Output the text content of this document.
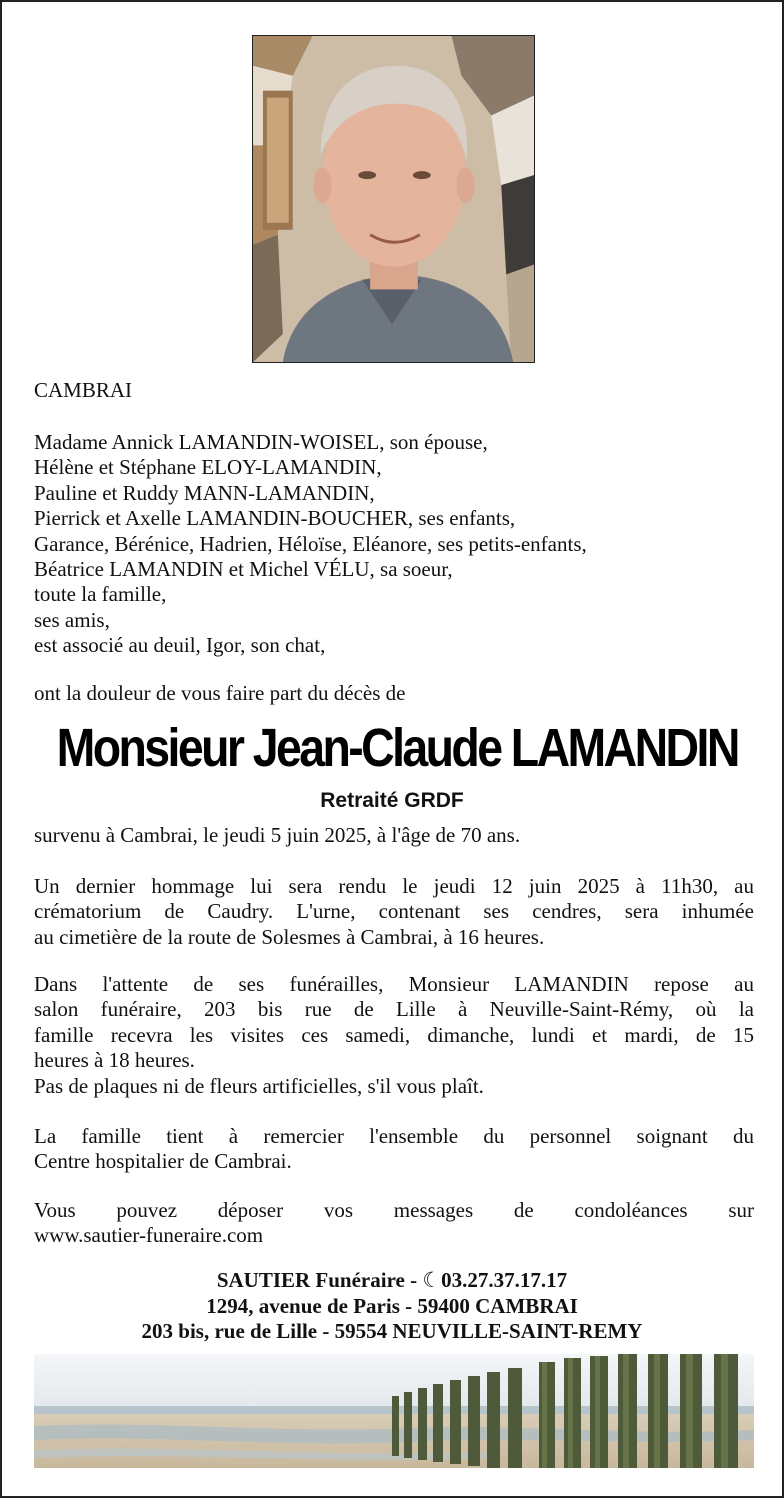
CAMBRAI
Madame Annick LAMANDIN-WOISEL, son épouse,
Hélène et Stéphane ELOY-LAMANDIN,
Pauline et Ruddy MANN-LAMANDIN,
Pierrick et Axelle LAMANDIN-BOUCHER, ses enfants,
Garance, Bérénice, Hadrien, Héloïse, Eléanore, ses petits-enfants,
Béatrice LAMANDIN et Michel VÉLU, sa soeur,
toute la famille,
ses amis,
est associé au deuil, Igor, son chat,
ont la douleur de vous faire part du décès de
Monsieur Jean-Claude LAMANDIN
Retraité GRDF
survenu à Cambrai, le jeudi 5 juin 2025, à l'âge de 70 ans.
Un dernier hommage lui sera rendu le jeudi 12 juin 2025 à 11h30, au
crématorium de Caudry. L'urne, contenant ses cendres, sera inhumée
au cimetière de la route de Solesmes à Cambrai, à 16 heures.
Dans l'attente de ses funérailles, Monsieur LAMANDIN repose au
salon funéraire, 203 bis rue de Lille à Neuville-Saint-Rémy, où la
famille recevra les visites ces samedi, dimanche, lundi et mardi, de 15
heures à 18 heures.
Pas de plaques ni de fleurs artificielles, s'il vous plaît.
La famille tient à remercier l'ensemble du personnel soignant du
Centre hospitalier de Cambrai.
Vous pouvez déposer vos messages de condoléances sur
www.sautier-funeraire.com
SAUTIER Funéraire - ☾03.27.37.17.17
1294, avenue de Paris - 59400 CAMBRAI
203 bis, rue de Lille - 59554 NEUVILLE-SAINT-REMY
